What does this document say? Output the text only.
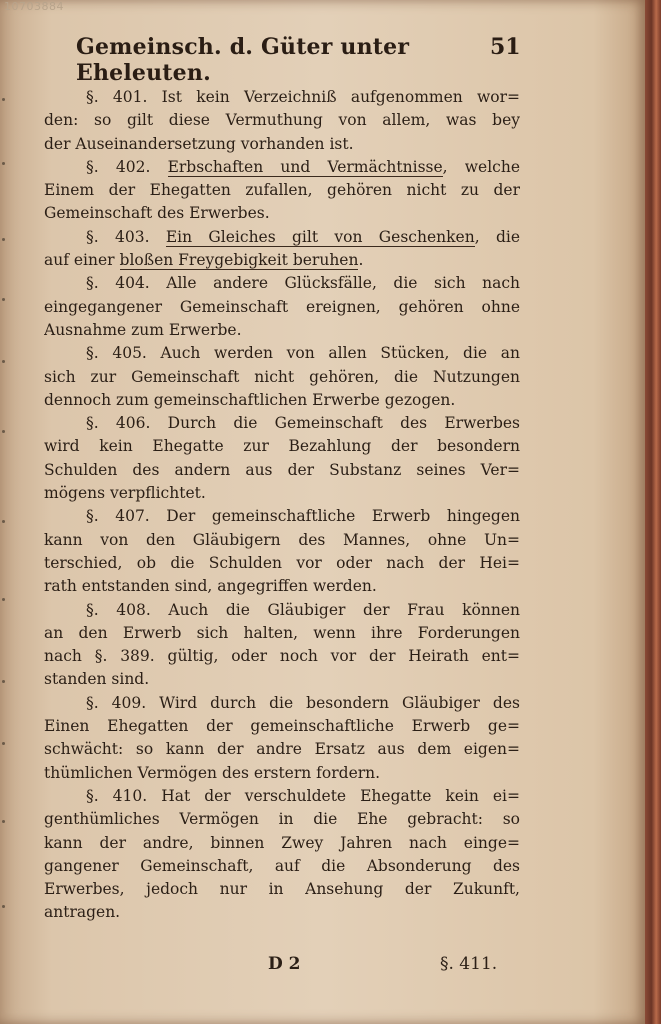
10703884
Gemeinsch. d. Güter unter Eheleuten.
51
§. 401. Ist kein Verzeichniß aufgenommen wor=
den: so gilt diese Vermuthung von allem, was bey
der Auseinandersetzung vorhanden ist.
§. 402. Erbschaften und Vermächtnisse, welche
Einem der Ehegatten zufallen, gehören nicht zu der
Gemeinschaft des Erwerbes.
§. 403. Ein Gleiches gilt von Geschenken, die
auf einer bloßen Freygebigkeit beruhen.
§. 404. Alle andere Glücksfälle, die sich nach
eingegangener Gemeinschaft ereignen, gehören ohne
Ausnahme zum Erwerbe.
§. 405. Auch werden von allen Stücken, die an
sich zur Gemeinschaft nicht gehören, die Nutzungen
dennoch zum gemeinschaftlichen Erwerbe gezogen.
§. 406. Durch die Gemeinschaft des Erwerbes
wird kein Ehegatte zur Bezahlung der besondern
Schulden des andern aus der Substanz seines Ver=
mögens verpflichtet.
§. 407. Der gemeinschaftliche Erwerb hingegen
kann von den Gläubigern des Mannes, ohne Un=
terschied, ob die Schulden vor oder nach der Hei=
rath entstanden sind, angegriffen werden.
§. 408. Auch die Gläubiger der Frau können
an den Erwerb sich halten, wenn ihre Forderungen
nach §. 389. gültig, oder noch vor der Heirath ent=
standen sind.
§. 409. Wird durch die besondern Gläubiger des
Einen Ehegatten der gemeinschaftliche Erwerb ge=
schwächt: so kann der andre Ersatz aus dem eigen=
thümlichen Vermögen des erstern fordern.
§. 410. Hat der verschuldete Ehegatte kein ei=
genthümliches Vermögen in die Ehe gebracht: so
kann der andre, binnen Zwey Jahren nach einge=
gangener Gemeinschaft, auf die Absonderung des
Erwerbes, jedoch nur in Ansehung der Zukunft,
antragen.
D 2	§. 411.
